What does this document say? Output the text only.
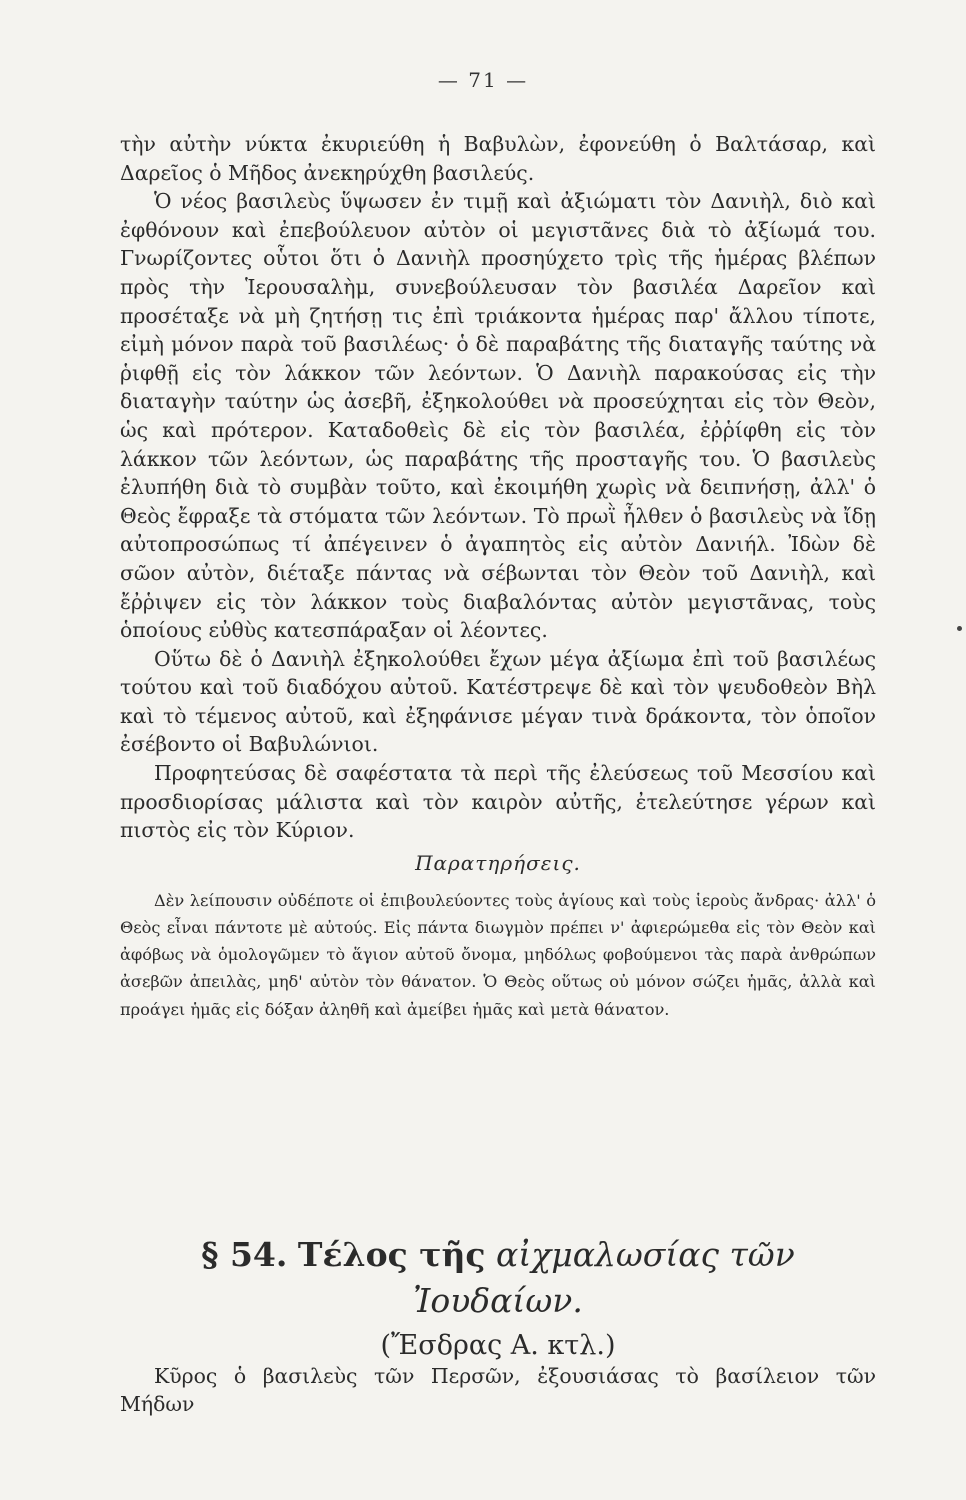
— 71 —

τὴν αὐτὴν νύκτα ἐκυριεύθη ἡ Βαβυλὼν, ἐφονεύθη ὁ Βαλτάσαρ, καὶ Δαρεῖος ὁ Μῆδος ἀνεκηρύχθη βασιλεύς.

Ὁ νέος βασιλεὺς ὕψωσεν ἐν τιμῇ καὶ ἀξιώματι τὸν Δανιὴλ, διὸ καὶ ἐφθόνουν καὶ ἐπεβούλευον αὐτὸν οἱ μεγιστᾶνες διὰ τὸ ἀξίωμά του. Γνωρίζοντες οὗτοι ὅτι ὁ Δανιὴλ προσηύχετο τρὶς τῆς ἡμέρας βλέπων πρὸς τὴν Ἱερουσαλὴμ, συνεβούλευσαν τὸν βασιλέα Δαρεῖον καὶ προσέταξε νὰ μὴ ζητήσῃ τις ἐπὶ τριάκοντα ἡμέρας παρ' ἄλλου τίποτε, εἰμὴ μόνον παρὰ τοῦ βασιλέως· ὁ δὲ παραβάτης τῆς διαταγῆς ταύτης νὰ ῥιφθῇ εἰς τὸν λάκκον τῶν λεόντων. Ὁ Δανιὴλ παρακούσας εἰς τὴν διαταγὴν ταύτην ὡς ἀσεβῆ, ἐξηκολούθει νὰ προσεύχηται εἰς τὸν Θεὸν, ὡς καὶ πρότερον. Καταδοθεὶς δὲ εἰς τὸν βασιλέα, ἐῤῥίφθη εἰς τὸν λάκκον τῶν λεόντων, ὡς παραβάτης τῆς προσταγῆς του. Ὁ βασιλεὺς ἐλυπήθη διὰ τὸ συμβὰν τοῦτο, καὶ ἐκοιμήθη χωρὶς νὰ δειπνήσῃ, ἀλλ' ὁ Θεὸς ἔφραξε τὰ στόματα τῶν λεόντων. Τὸ πρωῒ ἦλθεν ὁ βασιλεὺς νὰ ἴδῃ αὐτοπροσώπως τί ἀπέγεινεν ὁ ἀγαπητὸς εἰς αὐτὸν Δανιήλ. Ἰδὼν δὲ σῶον αὐτὸν, διέταξε πάντας νὰ σέβωνται τὸν Θεὸν τοῦ Δανιὴλ, καὶ ἔῤῥιψεν εἰς τὸν λάκκον τοὺς διαβαλόντας αὐτὸν μεγιστᾶνας, τοὺς ὁποίους εὐθὺς κατεσπάραξαν οἱ λέοντες.

Οὕτω δὲ ὁ Δανιὴλ ἐξηκολούθει ἔχων μέγα ἀξίωμα ἐπὶ τοῦ βασιλέως τούτου καὶ τοῦ διαδόχου αὐτοῦ. Κατέστρεψε δὲ καὶ τὸν ψευδοθεὸν Βὴλ καὶ τὸ τέμενος αὐτοῦ, καὶ ἐξηφάνισε μέγαν τινὰ δράκοντα, τὸν ὁποῖον ἐσέβοντο οἱ Βαβυλώνιοι.

Προφητεύσας δὲ σαφέστατα τὰ περὶ τῆς ἐλεύσεως τοῦ Μεσσίου καὶ προσδιορίσας μάλιστα καὶ τὸν καιρὸν αὐτῆς, ἐτελεύτησε γέρων καὶ πιστὸς εἰς τὸν Κύριον.

Παρατηρήσεις.

Δὲν λείπουσιν οὐδέποτε οἱ ἐπιβουλεύοντες τοὺς ἁγίους καὶ τοὺς ἱεροὺς ἄνδρας· ἀλλ' ὁ Θεὸς εἶναι πάντοτε μὲ αὐτούς. Εἰς πάντα διωγμὸν πρέπει ν' ἀφιερώμεθα εἰς τὸν Θεὸν καὶ ἀφόβως νὰ ὁμολογῶμεν τὸ ἅγιον αὐτοῦ ὄνομα, μηδόλως φοβούμενοι τὰς παρὰ ἀνθρώπων ἀσεβῶν ἀπειλὰς, μηδ' αὐτὸν τὸν θάνατον. Ὁ Θεὸς οὕτως οὐ μόνον σώζει ἡμᾶς, ἀλλὰ καὶ προάγει ἡμᾶς εἰς δόξαν ἀληθῆ καὶ ἀμείβει ἡμᾶς καὶ μετὰ θάνατον.

§ 54. Τέλος τῆς αἰχμαλωσίας τῶν Ἰουδαίων.
(Ἔσδρας Α. κτλ.)
Κῦρος ὁ βασιλεὺς τῶν Περσῶν, ἐξουσιάσας τὸ βασίλειον τῶν Μήδων
